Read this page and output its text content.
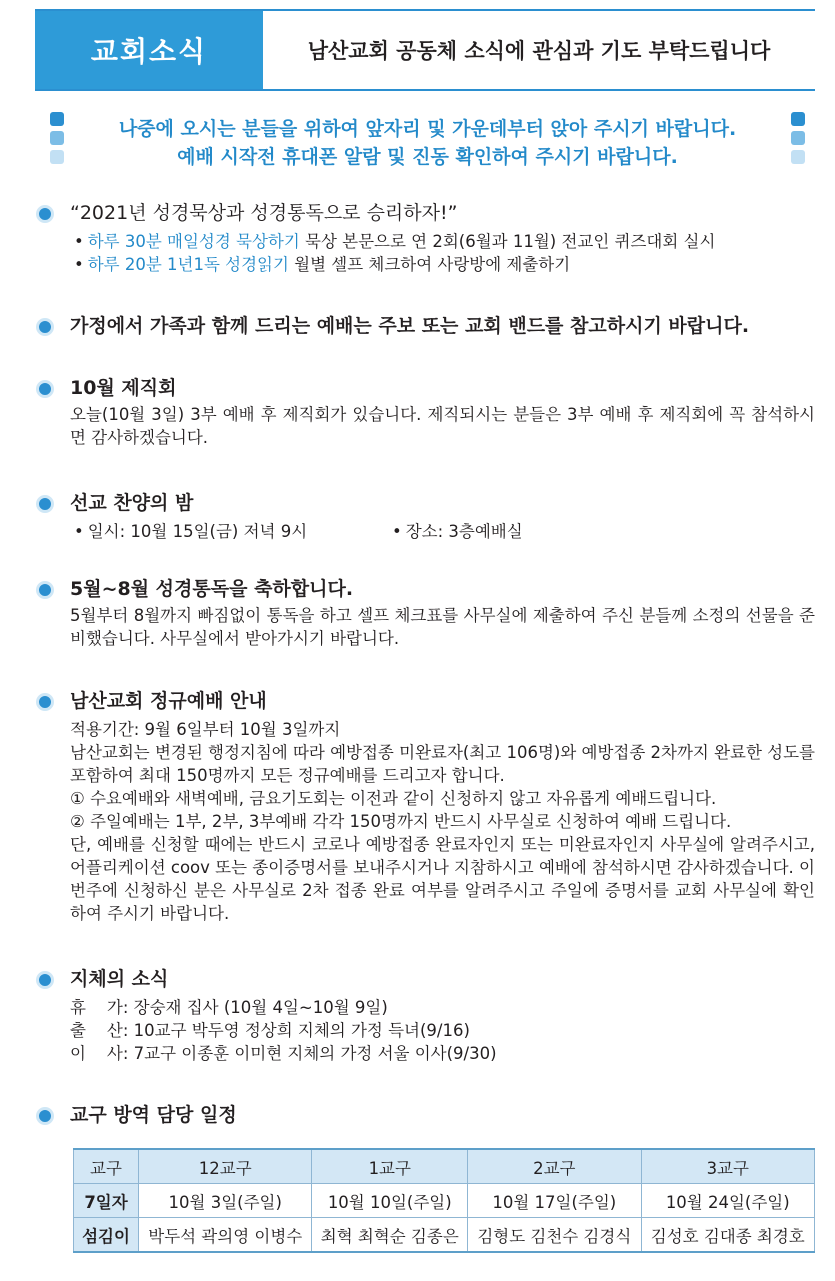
교회소식	남산교회 공동체 소식에 관심과 기도 부탁드립니다
나중에 오시는 분들을 위하여 앞자리 및 가운데부터 앉아 주시기 바랍니다.
예배 시작전 휴대폰 알람 및 진동 확인하여 주시기 바랍니다.
“2021년 성경묵상과 성경통독으로 승리하자!”
• 하루 30분 매일성경 묵상하기 묵상 본문으로 연 2회(6월과 11월) 전교인 퀴즈대회 실시
• 하루 20분 1년1독 성경읽기 월별 셀프 체크하여 사랑방에 제출하기
가정에서 가족과 함께 드리는 예배는 주보 또는 교회 밴드를 참고하시기 바랍니다.
10월 제직회
오늘(10월 3일) 3부 예배 후 제직회가 있습니다. 제직되시는 분들은 3부 예배 후 제직회에 꼭 참석하시면 감사하겠습니다.
선교 찬양의 밤
• 일시: 10월 15일(금) 저녁 9시	• 장소: 3층예배실
5월~8월 성경통독을 축하합니다.
5월부터 8월까지 빠짐없이 통독을 하고 셀프 체크표를 사무실에 제출하여 주신 분들께 소정의 선물을 준비했습니다. 사무실에서 받아가시기 바랍니다.
남산교회 정규예배 안내
적용기간: 9월 6일부터 10월 3일까지
남산교회는 변경된 행정지침에 따라 예방접종 미완료자(최고 106명)와 예방접종 2차까지 완료한 성도를 포함하여 최대 150명까지 모든 정규예배를 드리고자 합니다.
① 수요예배와 새벽예배, 금요기도회는 이전과 같이 신청하지 않고 자유롭게 예배드립니다.
② 주일예배는 1부, 2부, 3부예배 각각 150명까지 반드시 사무실로 신청하여 예배 드립니다.
단, 예배를 신청할 때에는 반드시 코로나 예방접종 완료자인지 또는 미완료자인지 사무실에 알려주시고, 어플리케이션 coov 또는 종이증명서를 보내주시거나 지참하시고 예배에 참석하시면 감사하겠습니다. 이번주에 신청하신 분은 사무실로 2차 접종 완료 여부를 알려주시고 주일에 증명서를 교회 사무실에 확인하여 주시기 바랍니다.
지체의 소식
휴    가: 장숭재 집사 (10월 4일~10월 9일)
출    산: 10교구 박두영 정상희 지체의 가정 득녀(9/16)
이    사: 7교구 이종훈 이미현 지체의 가정 서울 이사(9/30)
교구 방역 담당 일정
교구	12교구	1교구	2교구	3교구
7일자	10월 3일(주일)	10월 10일(주일)	10월 17일(주일)	10월 24일(주일)
섬김이	박두석 곽의영 이병수	최혁 최혁순 김종은	김형도 김천수 김경식	김성호 김대종 최경호
